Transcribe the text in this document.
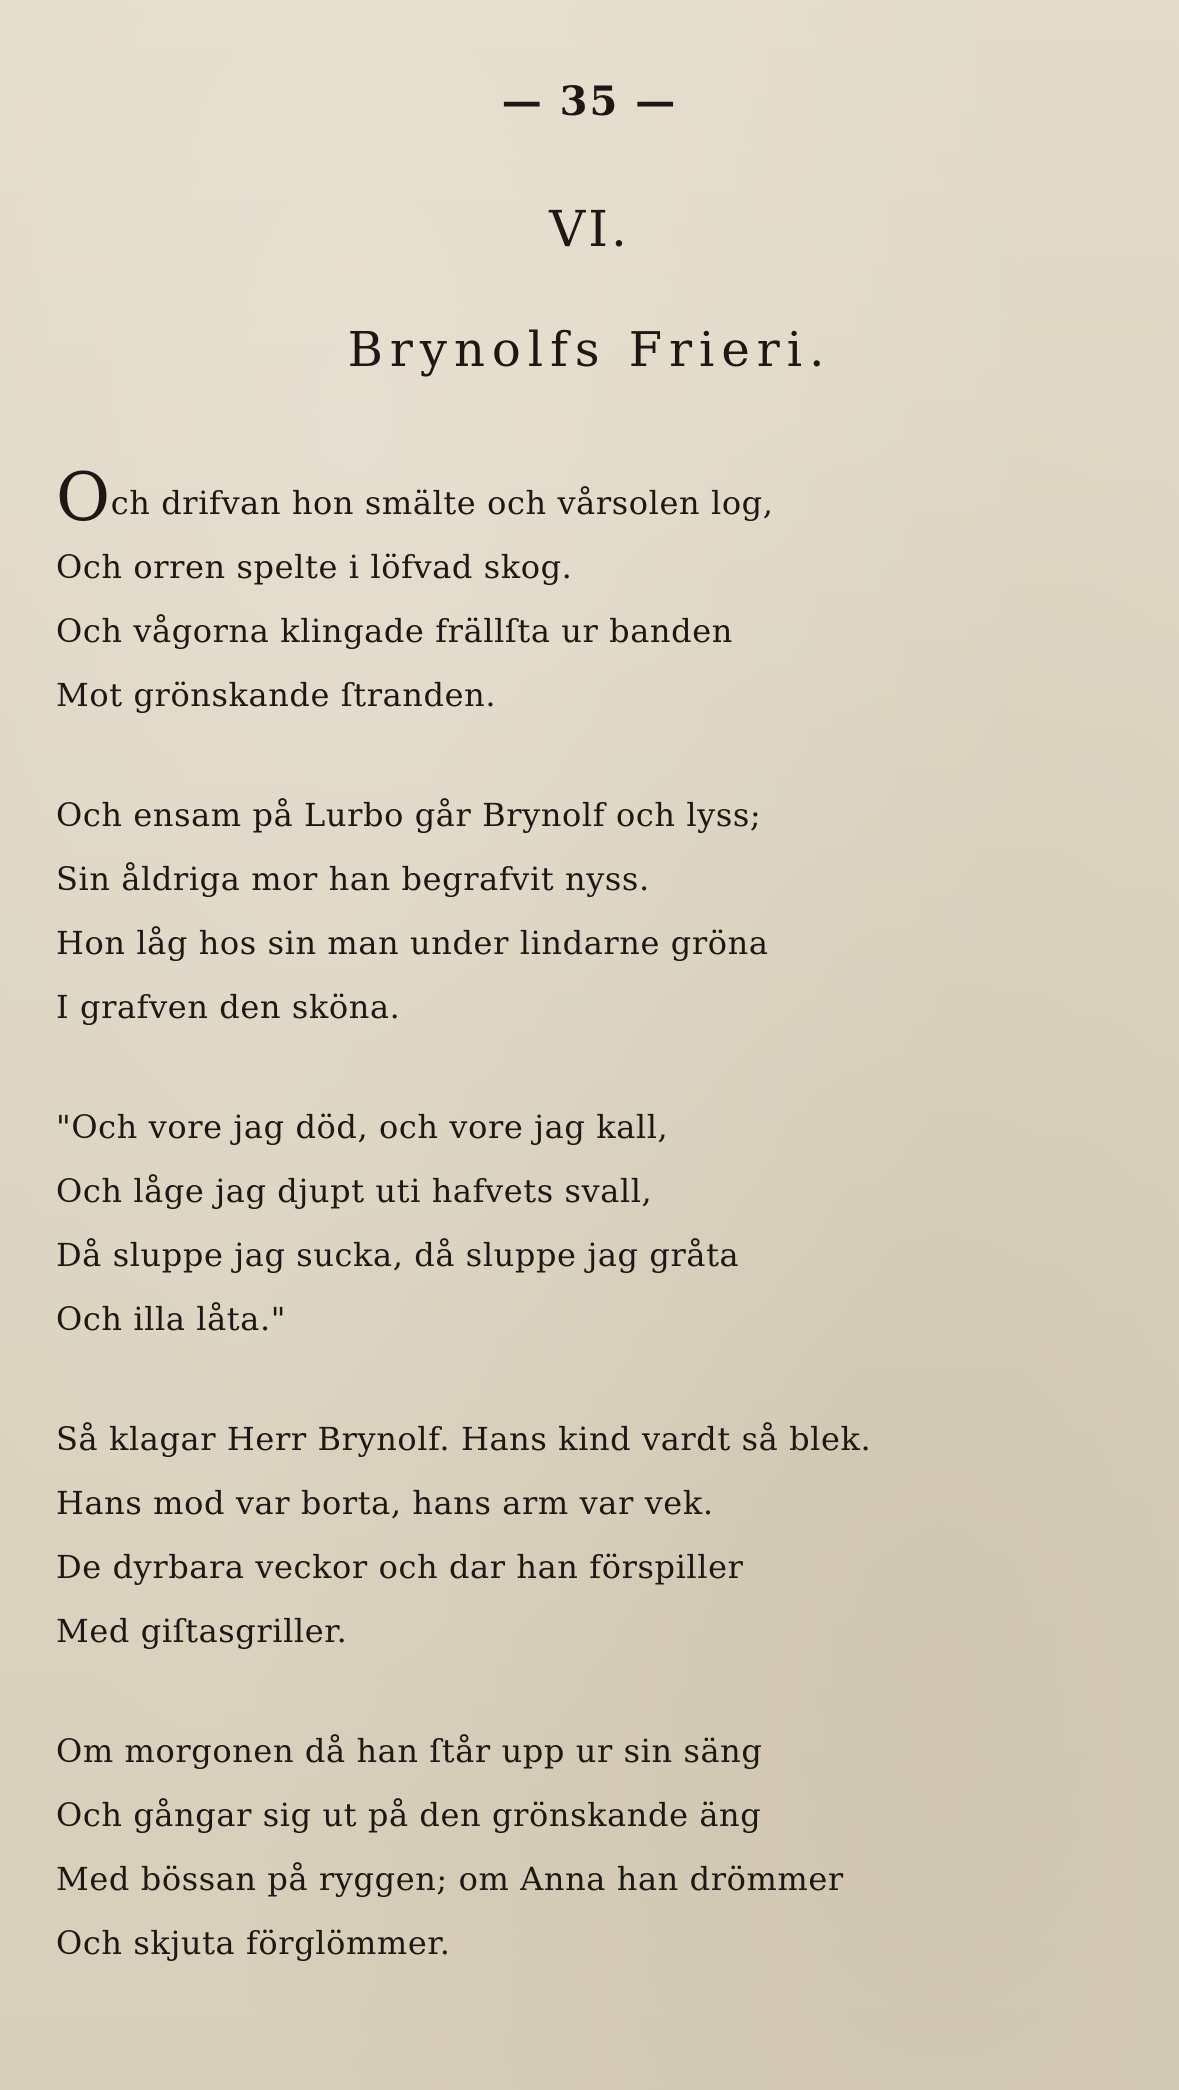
— 35 —
VI.
Brynolfs Frieri.
Och drifvan hon smälte och vårsolen log,
Och orren spelte i löfvad skog.
Och vågorna klingade frällſta ur banden
Mot grönskande ſtranden.
Och ensam på Lurbo går Brynolf och lyss;
Sin åldriga mor han begrafvit nyss.
Hon låg hos sin man under lindarne gröna
I grafven den sköna.
"Och vore jag död, och vore jag kall,
Och låge jag djupt uti hafvets svall,
Då sluppe jag sucka, då sluppe jag gråta
Och illa låta."
Så klagar Herr Brynolf. Hans kind vardt så blek.
Hans mod var borta, hans arm var vek.
De dyrbara veckor och dar han förspiller
Med giſtasgriller.
Om morgonen då han ſtår upp ur sin säng
Och gångar sig ut på den grönskande äng
Med bössan på ryggen; om Anna han drömmer
Och skjuta förglömmer.
